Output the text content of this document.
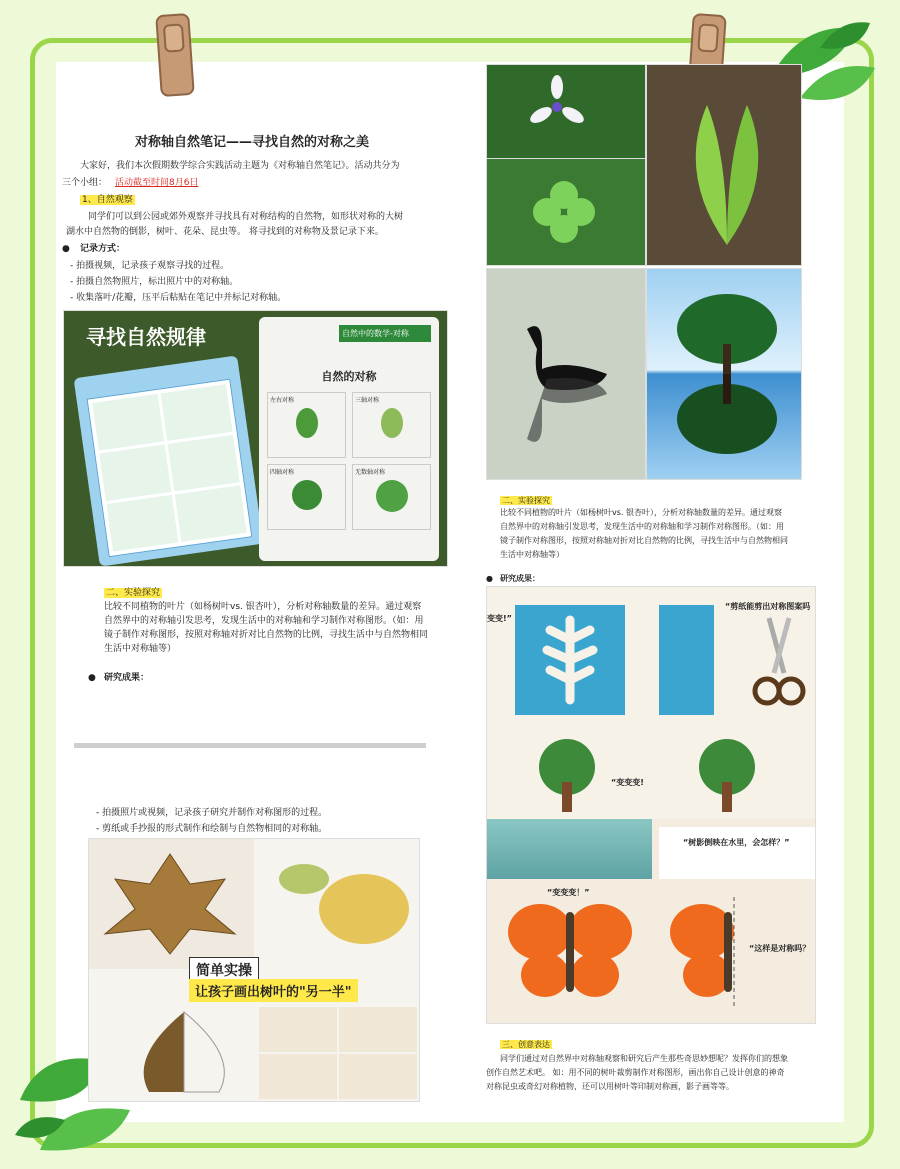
对称轴自然笔记——寻找自然的对称之美
大家好，我们本次假期数学综合实践活动主题为《对称轴自然笔记》。活动共分为
三个小组： 活动截至时间8月6日
1、自然观察
同学们可以到公园或郊外观察并寻找具有对称结构的自然物，如形状对称的大树
湖水中自然物的倒影，树叶、花朵、昆虫等。 将寻找到的对称物及景记录下来。
● 记录方式：
- 拍摄视频，记录孩子观察寻找的过程。
- 拍摄自然物照片，标出照片中的对称轴。
- 收集落叶/花瓣，压平后粘贴在笔记中并标记对称轴。
寻找自然规律	自然中的数学-对称
自然的对称
左右对称	三轴对称
四轴对称	无数轴对称
二、实验探究
比较不同植物的叶片（如杨树叶vs. 银杏叶），分析对称轴数量的差异。通过观察
自然界中的对称轴引发思考，发现生活中的对称轴和学习制作对称图形。（如：用
镜子制作对称图形，按照对称轴对折对比自然物的比例，寻找生活中与自然物相同
生活中对称轴等）
● 研究成果：
- 拍摄照片或视频，记录孩子研究并制作对称图形的过程。
- 剪纸或手抄报的形式制作和绘制与自然物相同的对称轴。
简单实操
让孩子画出树叶的"另一半"
二、实验探究
比较不同植物的叶片（如杨树叶vs. 银杏叶），分析对称轴数量的差异。通过观察
自然界中的对称轴引发思考，发现生活中的对称轴和学习制作对称图形。（如：用
镜子制作对称图形，按照对称轴对折对比自然物的比例，寻找生活中与自然物相同
生活中对称轴等）
● 研究成果：
变变!”
“剪纸能剪出对称图案吗
“变变变!
“树影倒映在水里，会怎样？”
“变变变！”
“这样是对称吗？
三、创意表达
同学们通过对自然界中对称轴观察和研究后产生那些奇思妙想呢？发挥你们的想象
创作自然艺术吧。 如：用不同的树叶裁剪制作对称图形，画出你自己设计创意的神奇
对称昆虫或奇幻对称植物，还可以用树叶等印制对称画，影子画等等。
